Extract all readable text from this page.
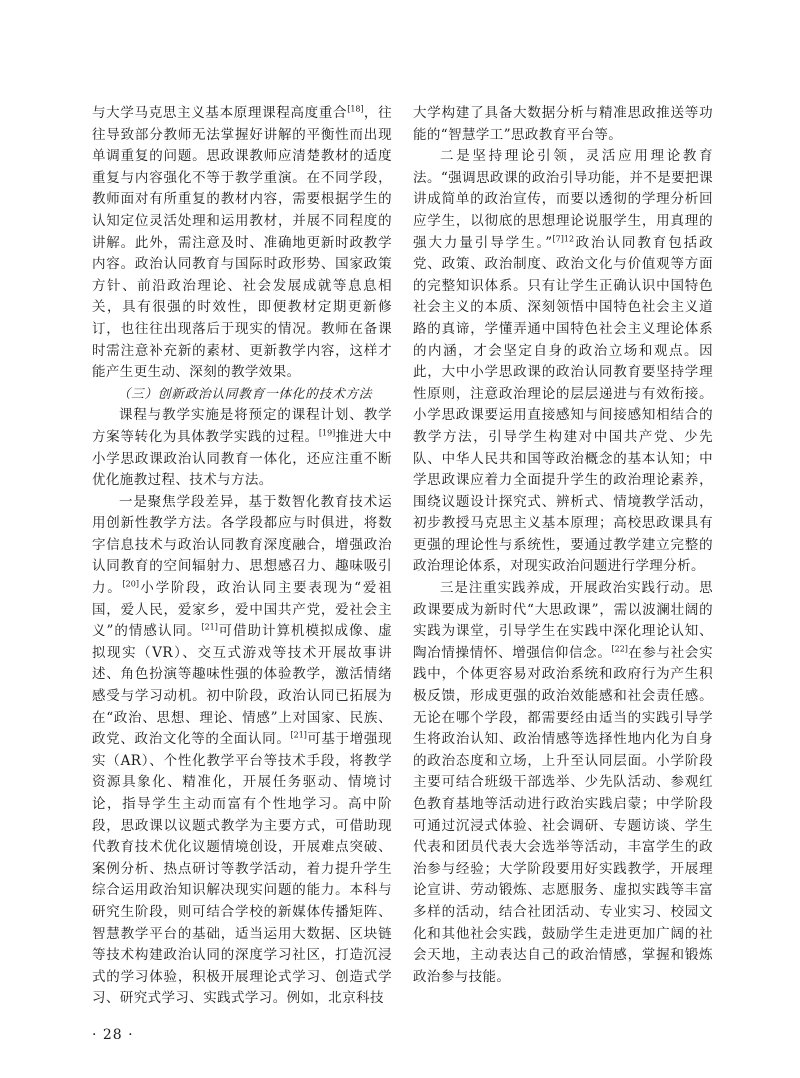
与大学马克思主义基本原理课程高度重合[18]，往往导致部分教师无法掌握好讲解的平衡性而出现单调重复的问题。思政课教师应清楚教材的适度重复与内容强化不等于教学重演。在不同学段，教师面对有所重复的教材内容，需要根据学生的认知定位灵活处理和运用教材，并展不同程度的讲解。此外，需注意及时、准确地更新时政教学内容。政治认同教育与国际时政形势、国家政策方针、前沿政治理论、社会发展成就等息息相关，具有很强的时效性，即便教材定期更新修订，也往往出现落后于现实的情况。教师在备课时需注意补充新的素材、更新教学内容，这样才能产生更生动、深刻的教学效果。

（三）创新政治认同教育一体化的技术方法

课程与教学实施是将预定的课程计划、教学方案等转化为具体教学实践的过程。[19]推进大中小学思政课政治认同教育一体化，还应注重不断优化施教过程、技术与方法。

一是聚焦学段差异，基于数智化教育技术运用创新性教学方法。各学段都应与时俱进，将数字信息技术与政治认同教育深度融合，增强政治认同教育的空间辐射力、思想感召力、趣味吸引力。[20]小学阶段，政治认同主要表现为“爱祖国，爱人民，爱家乡，爱中国共产党，爱社会主义”的情感认同。[21]可借助计算机模拟成像、虚拟现实（VR）、交互式游戏等技术开展故事讲述、角色扮演等趣味性强的体验教学，激活情绪感受与学习动机。初中阶段，政治认同已拓展为在“政治、思想、理论、情感”上对国家、民族、政党、政治文化等的全面认同。[21]可基于增强现实（AR）、个性化教学平台等技术手段，将教学资源具象化、精准化，开展任务驱动、情境讨论，指导学生主动而富有个性地学习。高中阶段，思政课以议题式教学为主要方式，可借助现代教育技术优化议题情境创设，开展难点突破、案例分析、热点研讨等教学活动，着力提升学生综合运用政治知识解决现实问题的能力。本科与研究生阶段，则可结合学校的新媒体传播矩阵、智慧教学平台的基础，适当运用大数据、区块链等技术构建政治认同的深度学习社区，打造沉浸式的学习体验，积极开展理论式学习、创造式学习、研究式学习、实践式学习。例如，北京科技

大学构建了具备大数据分析与精准思政推送等功能的“智慧学工”思政教育平台等。

二是坚持理论引领，灵活应用理论教育法。“强调思政课的政治引导功能，并不是要把课讲成简单的政治宣传，而要以透彻的学理分析回应学生，以彻底的思想理论说服学生，用真理的强大力量引导学生。”$^{[7]12}$政治认同教育包括政党、政策、政治制度、政治文化与价值观等方面的完整知识体系。只有让学生正确认识中国特色社会主义的本质、深刻领悟中国特色社会主义道路的真谛，学懂弄通中国特色社会主义理论体系的内涵，才会坚定自身的政治立场和观点。因此，大中小学思政课的政治认同教育要坚持学理性原则，注意政治理论的层层递进与有效衔接。小学思政课要运用直接感知与间接感知相结合的教学方法，引导学生构建对中国共产党、少先队、中华人民共和国等政治概念的基本认知；中学思政课应着力全面提升学生的政治理论素养，围绕议题设计探究式、辨析式、情境教学活动，初步教授马克思主义基本原理；高校思政课具有更强的理论性与系统性，要通过教学建立完整的政治理论体系，对现实政治问题进行学理分析。

三是注重实践养成，开展政治实践行动。思政课要成为新时代“大思政课”，需以波澜壮阔的实践为课堂，引导学生在实践中深化理论认知、陶冶情操情怀、增强信仰信念。[22]在参与社会实践中，个体更容易对政治系统和政府行为产生积极反馈，形成更强的政治效能感和社会责任感。无论在哪个学段，都需要经由适当的实践引导学生将政治认知、政治情感等选择性地内化为自身的政治态度和立场，上升至认同层面。小学阶段主要可结合班级干部选举、少先队活动、参观红色教育基地等活动进行政治实践启蒙；中学阶段可通过沉浸式体验、社会调研、专题访谈、学生代表和团员代表大会选举等活动，丰富学生的政治参与经验；大学阶段要用好实践教学，开展理论宣讲、劳动锻炼、志愿服务、虚拟实践等丰富多样的活动，结合社团活动、专业实习、校园文化和其他社会实践，鼓励学生走进更加广阔的社会天地，主动表达自己的政治情感，掌握和锻炼政治参与技能。

· 28 ·
